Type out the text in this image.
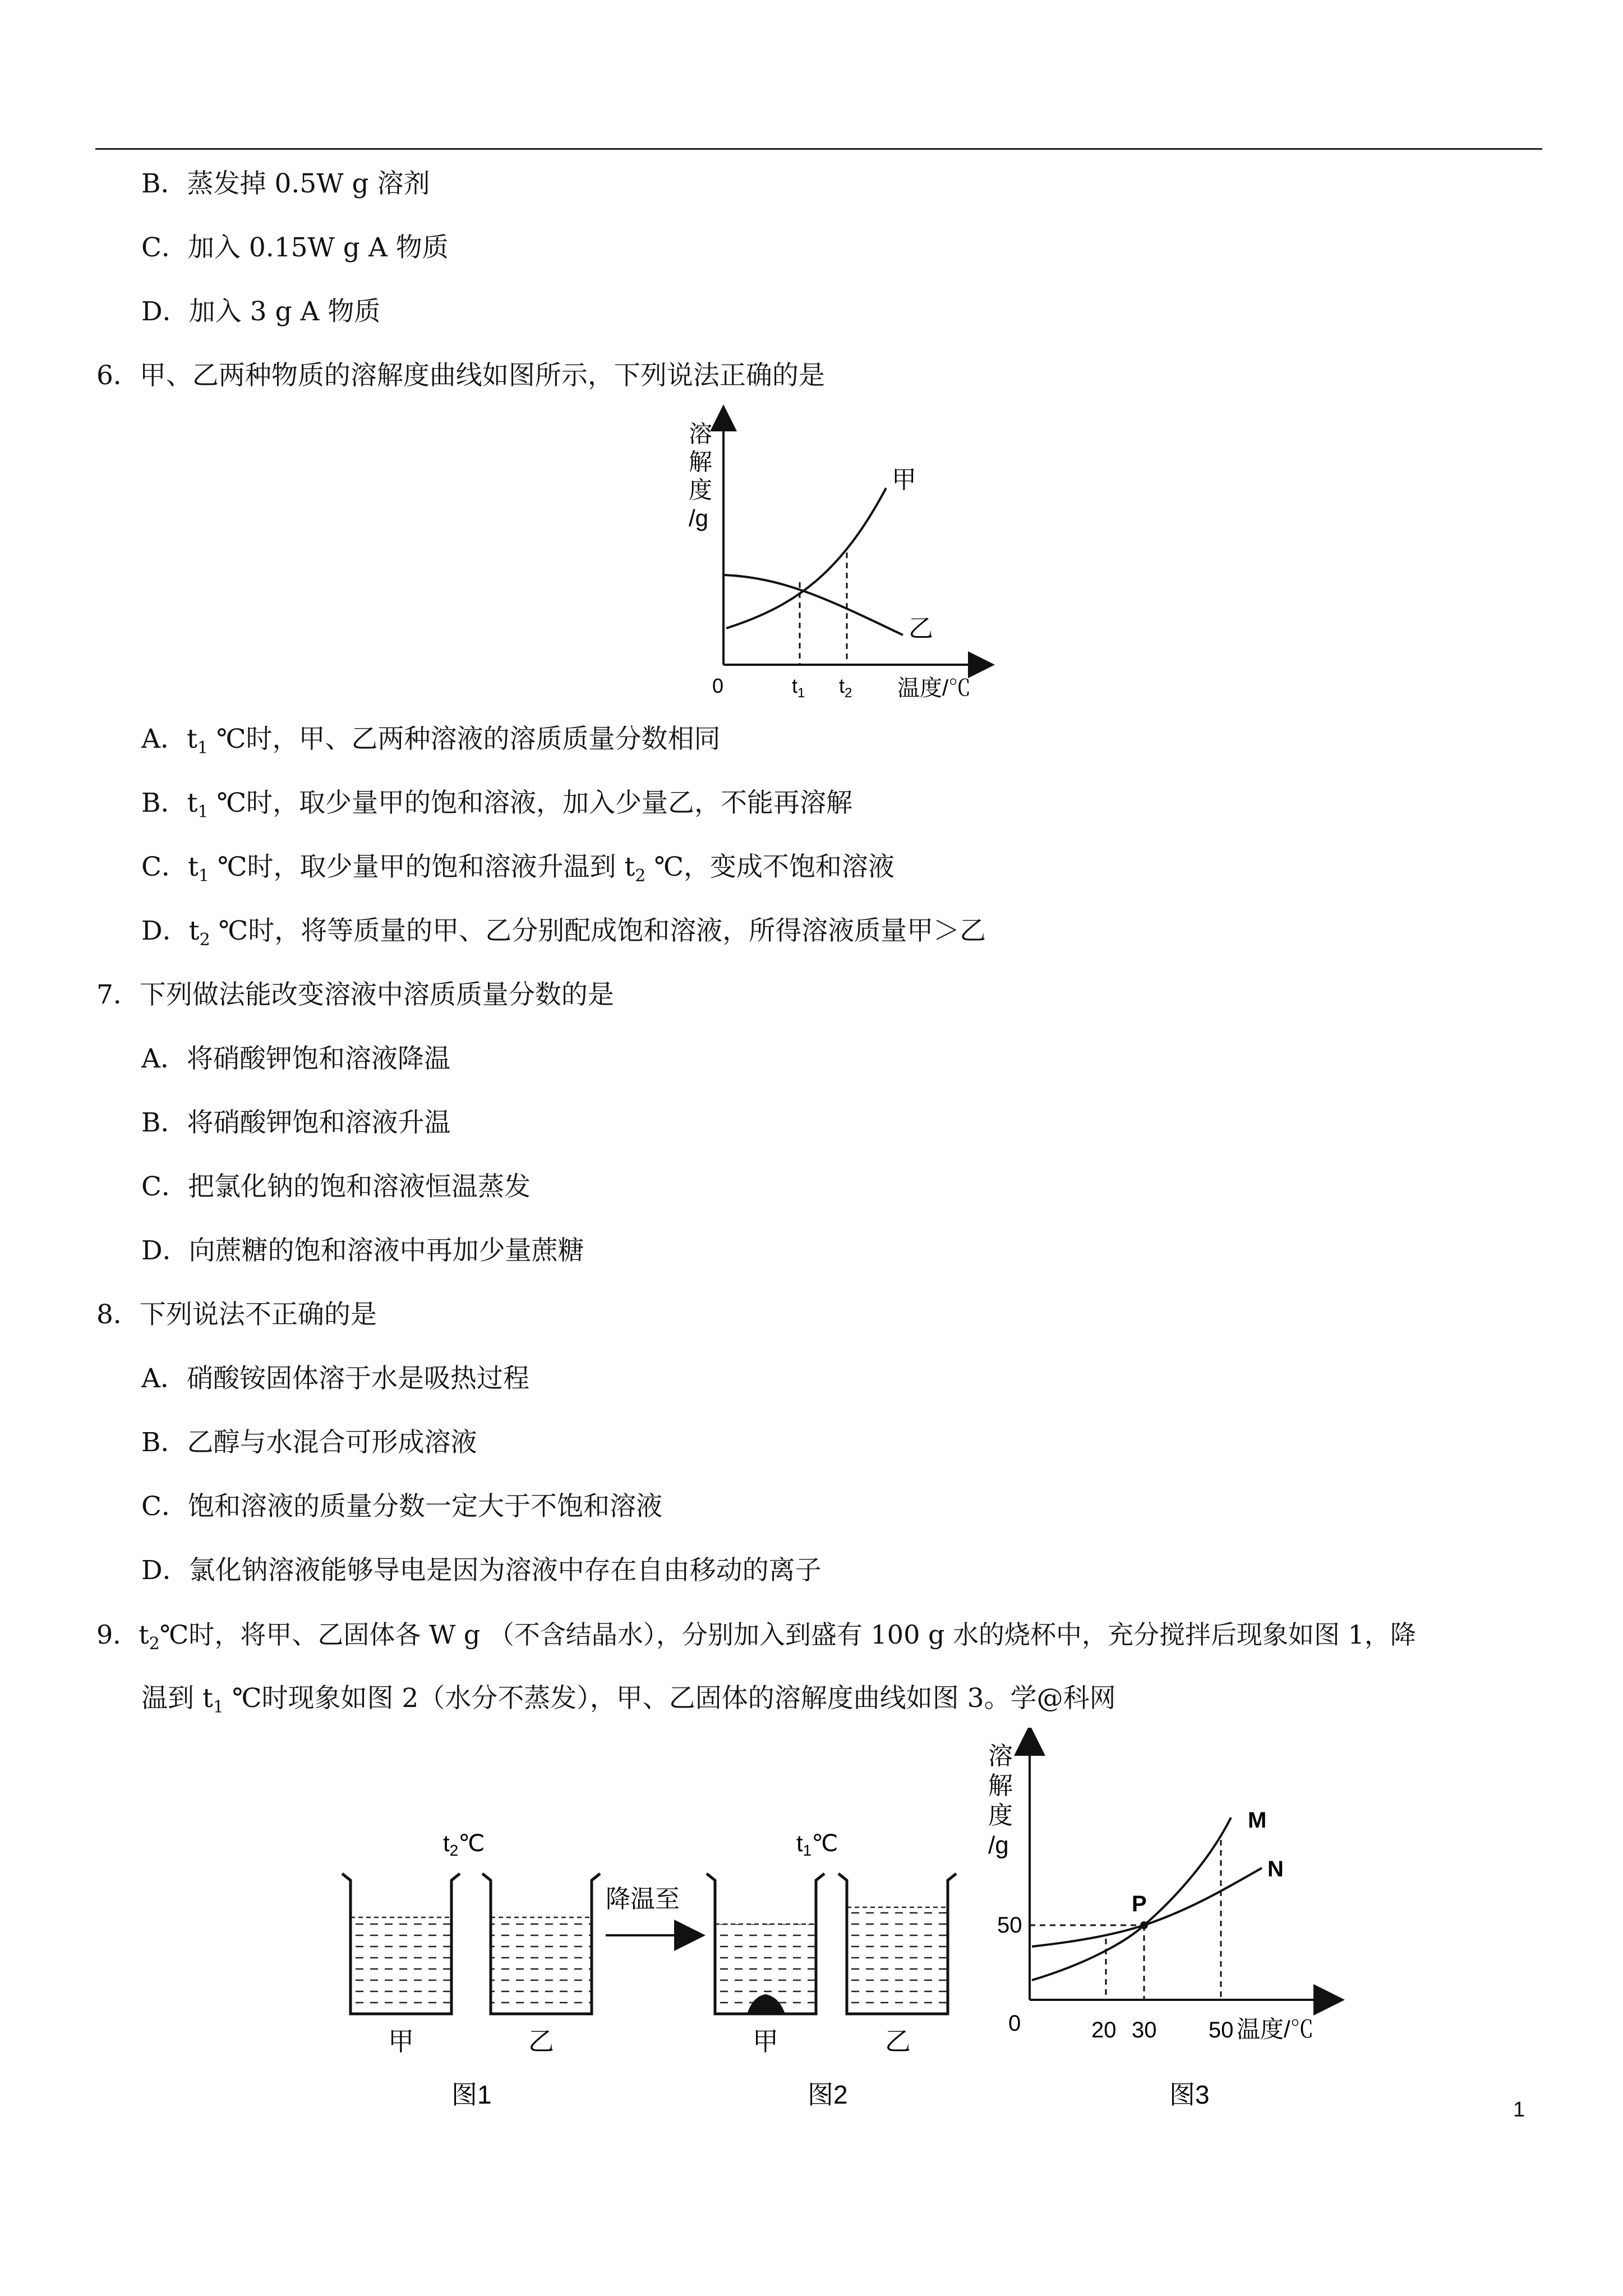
B．蒸发掉 0.5W g 溶剂
C．加入 0.15W g A 物质
D．加入 3 g A 物质
6．甲、乙两种物质的溶解度曲线如图所示，下列说法正确的是
溶
解
度
/g
甲
乙
0	$t_1$ $t_2$ 温度/℃
A．$t_1$ ℃时，甲、乙两种溶液的溶质质量分数相同
B．$t_1$ ℃时，取少量甲的饱和溶液，加入少量乙，不能再溶解
C．$t_1$ ℃时，取少量甲的饱和溶液升温到 $t_2$ ℃，变成不饱和溶液
D．$t_2$ ℃时，将等质量的甲、乙分别配成饱和溶液，所得溶液质量甲＞乙
7．下列做法能改变溶液中溶质质量分数的是
A．将硝酸钾饱和溶液降温
B．将硝酸钾饱和溶液升温
C．把氯化钠的饱和溶液恒温蒸发
D．向蔗糖的饱和溶液中再加少量蔗糖
8．下列说法不正确的是
A．硝酸铵固体溶于水是吸热过程
B．乙醇与水混合可形成溶液
C．饱和溶液的质量分数一定大于不饱和溶液
D．氯化钠溶液能够导电是因为溶液中存在自由移动的离子
9．$t_2℃$时，将甲、乙固体各 W g （不含结晶水），分别加入到盛有 100 g 水的烧杯中，充分搅拌后现象如图 1，降
温到 $t_1$ ℃时现象如图 2（水分不蒸发），甲、乙固体的溶解度曲线如图 3。学@科网
t2℃
甲	乙
图1
降温至
t1℃
甲	乙
图2
溶
解
度
/g
P
M
N
50
0	20 30 50 温度/℃
图3
1
